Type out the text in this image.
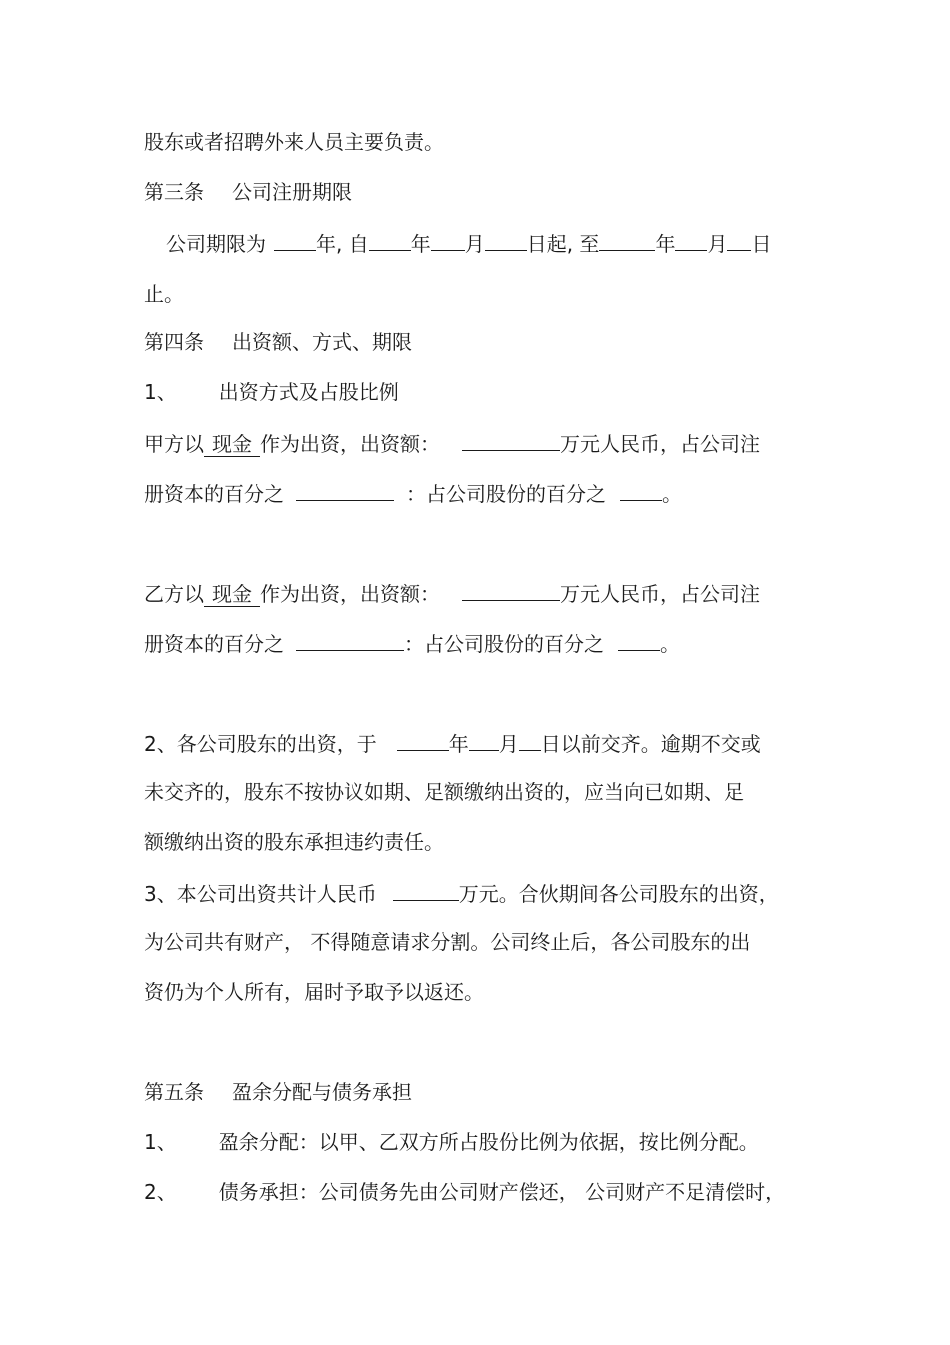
股东或者招聘外来人员主要负责。
第三条 公司注册期限
公司期限为	年, 自 年 月 日起, 至	年 月 日
止。
第四条 出资额、方式、期限
1、 出资方式及占股比例
甲方以 现金 作为出资，出资额：	万元人民币，占公司注
册资本的百分之	：占公司股份的百分之	。
乙方以 现金 作为出资，出资额：	万元人民币，占公司注
册资本的百分之	：占公司股份的百分之	。
2、各公司股东的出资，于	年 月 日以前交齐。逾期不交或
未交齐的，股东不按协议如期、足额缴纳出资的，应当向已如期、足
额缴纳出资的股东承担违约责任。
3、本公司出资共计人民币	万元。合伙期间各公司股东的出资，
为公司共有财产， 不得随意请求分割。公司终止后，各公司股东的出
资仍为个人所有，届时予取予以返还。
第五条 盈余分配与债务承担
1、 盈余分配：以甲、乙双方所占股份比例为依据，按比例分配。
2、 债务承担：公司债务先由公司财产偿还， 公司财产不足清偿时，
